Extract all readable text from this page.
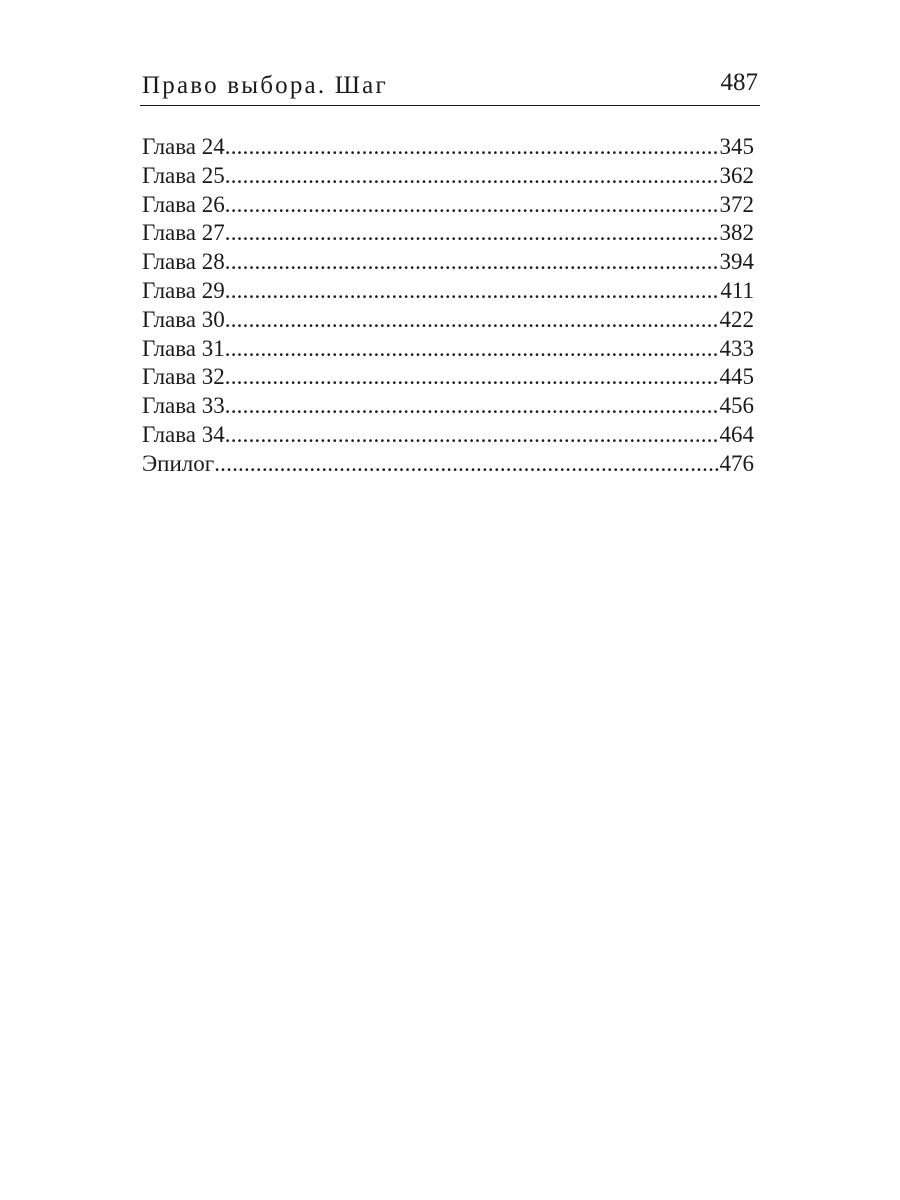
Право выбора. Шаг	487
Глава 24 .....	345
Глава 25 .....	362
Глава 26 .....	372
Глава 27 .....	382
Глава 28 .....	394
Глава 29 .....	411
Глава 30 .....	422
Глава 31 .....	433
Глава 32 .....	445
Глава 33 .....	456
Глава 34 .....	464
Эпилог .....	476
